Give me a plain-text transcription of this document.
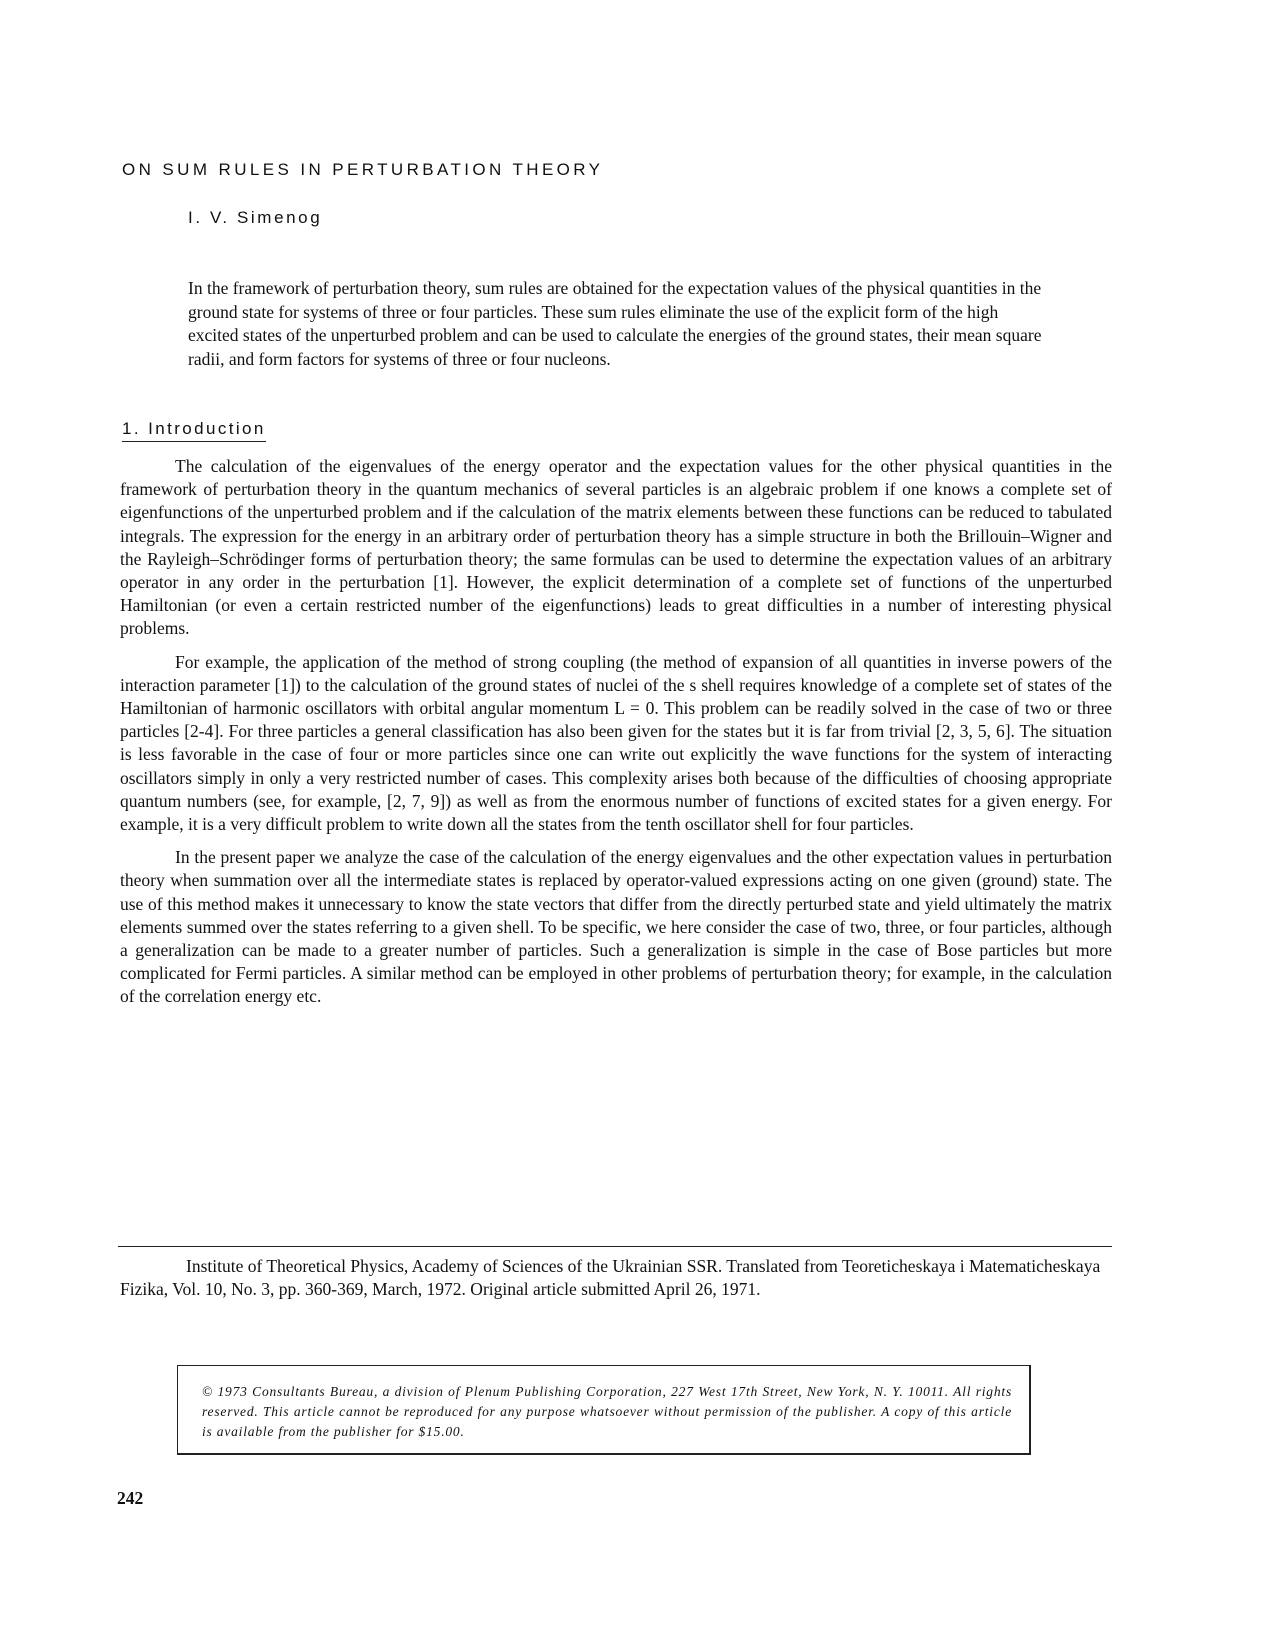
ON SUM RULES IN PERTURBATION THEORY
I. V. Simenog

In the framework of perturbation theory, sum rules are obtained for the expectation values of the physical quantities in the ground state for systems of three or four particles. These sum rules eliminate the use of the explicit form of the high excited states of the unperturbed problem and can be used to calculate the energies of the ground states, their mean square radii, and form factors for systems of three or four nucleons.

1. Introduction

The calculation of the eigenvalues of the energy operator and the expectation values for the other physical quantities in the framework of perturbation theory in the quantum mechanics of several particles is an algebraic problem if one knows a complete set of eigenfunctions of the unperturbed problem and if the calculation of the matrix elements between these functions can be reduced to tabulated integrals. The expression for the energy in an arbitrary order of perturbation theory has a simple structure in both the Brillouin–Wigner and the Rayleigh–Schrödinger forms of perturbation theory; the same formulas can be used to determine the expectation values of an arbitrary operator in any order in the perturbation [1]. However, the explicit determination of a complete set of functions of the unperturbed Hamiltonian (or even a certain restricted number of the eigenfunctions) leads to great difficulties in a number of interesting physical problems.

For example, the application of the method of strong coupling (the method of expansion of all quantities in inverse powers of the interaction parameter [1]) to the calculation of the ground states of nuclei of the s shell requires knowledge of a complete set of states of the Hamiltonian of harmonic oscillators with orbital angular momentum L = 0. This problem can be readily solved in the case of two or three particles [2-4]. For three particles a general classification has also been given for the states but it is far from trivial [2, 3, 5, 6]. The situation is less favorable in the case of four or more particles since one can write out explicitly the wave functions for the system of interacting oscillators simply in only a very restricted number of cases. This complexity arises both because of the difficulties of choosing appropriate quantum numbers (see, for example, [2, 7, 9]) as well as from the enormous number of functions of excited states for a given energy. For example, it is a very difficult problem to write down all the states from the tenth oscillator shell for four particles.

In the present paper we analyze the case of the calculation of the energy eigenvalues and the other expectation values in perturbation theory when summation over all the intermediate states is replaced by operator-valued expressions acting on one given (ground) state. The use of this method makes it unnecessary to know the state vectors that differ from the directly perturbed state and yield ultimately the matrix elements summed over the states referring to a given shell. To be specific, we here consider the case of two, three, or four particles, although a generalization can be made to a greater number of particles. Such a generalization is simple in the case of Bose particles but more complicated for Fermi particles. A similar method can be employed in other problems of perturbation theory; for example, in the calculation of the correlation energy etc.

Institute of Theoretical Physics, Academy of Sciences of the Ukrainian SSR. Translated from Teoreticheskaya i Matematicheskaya Fizika, Vol. 10, No. 3, pp. 360-369, March, 1972. Original article submitted April 26, 1971.

© 1973 Consultants Bureau, a division of Plenum Publishing Corporation, 227 West 17th Street, New York, N. Y. 10011. All rights reserved. This article cannot be reproduced for any purpose whatsoever without permission of the publisher. A copy of this article is available from the publisher for $15.00.

242
